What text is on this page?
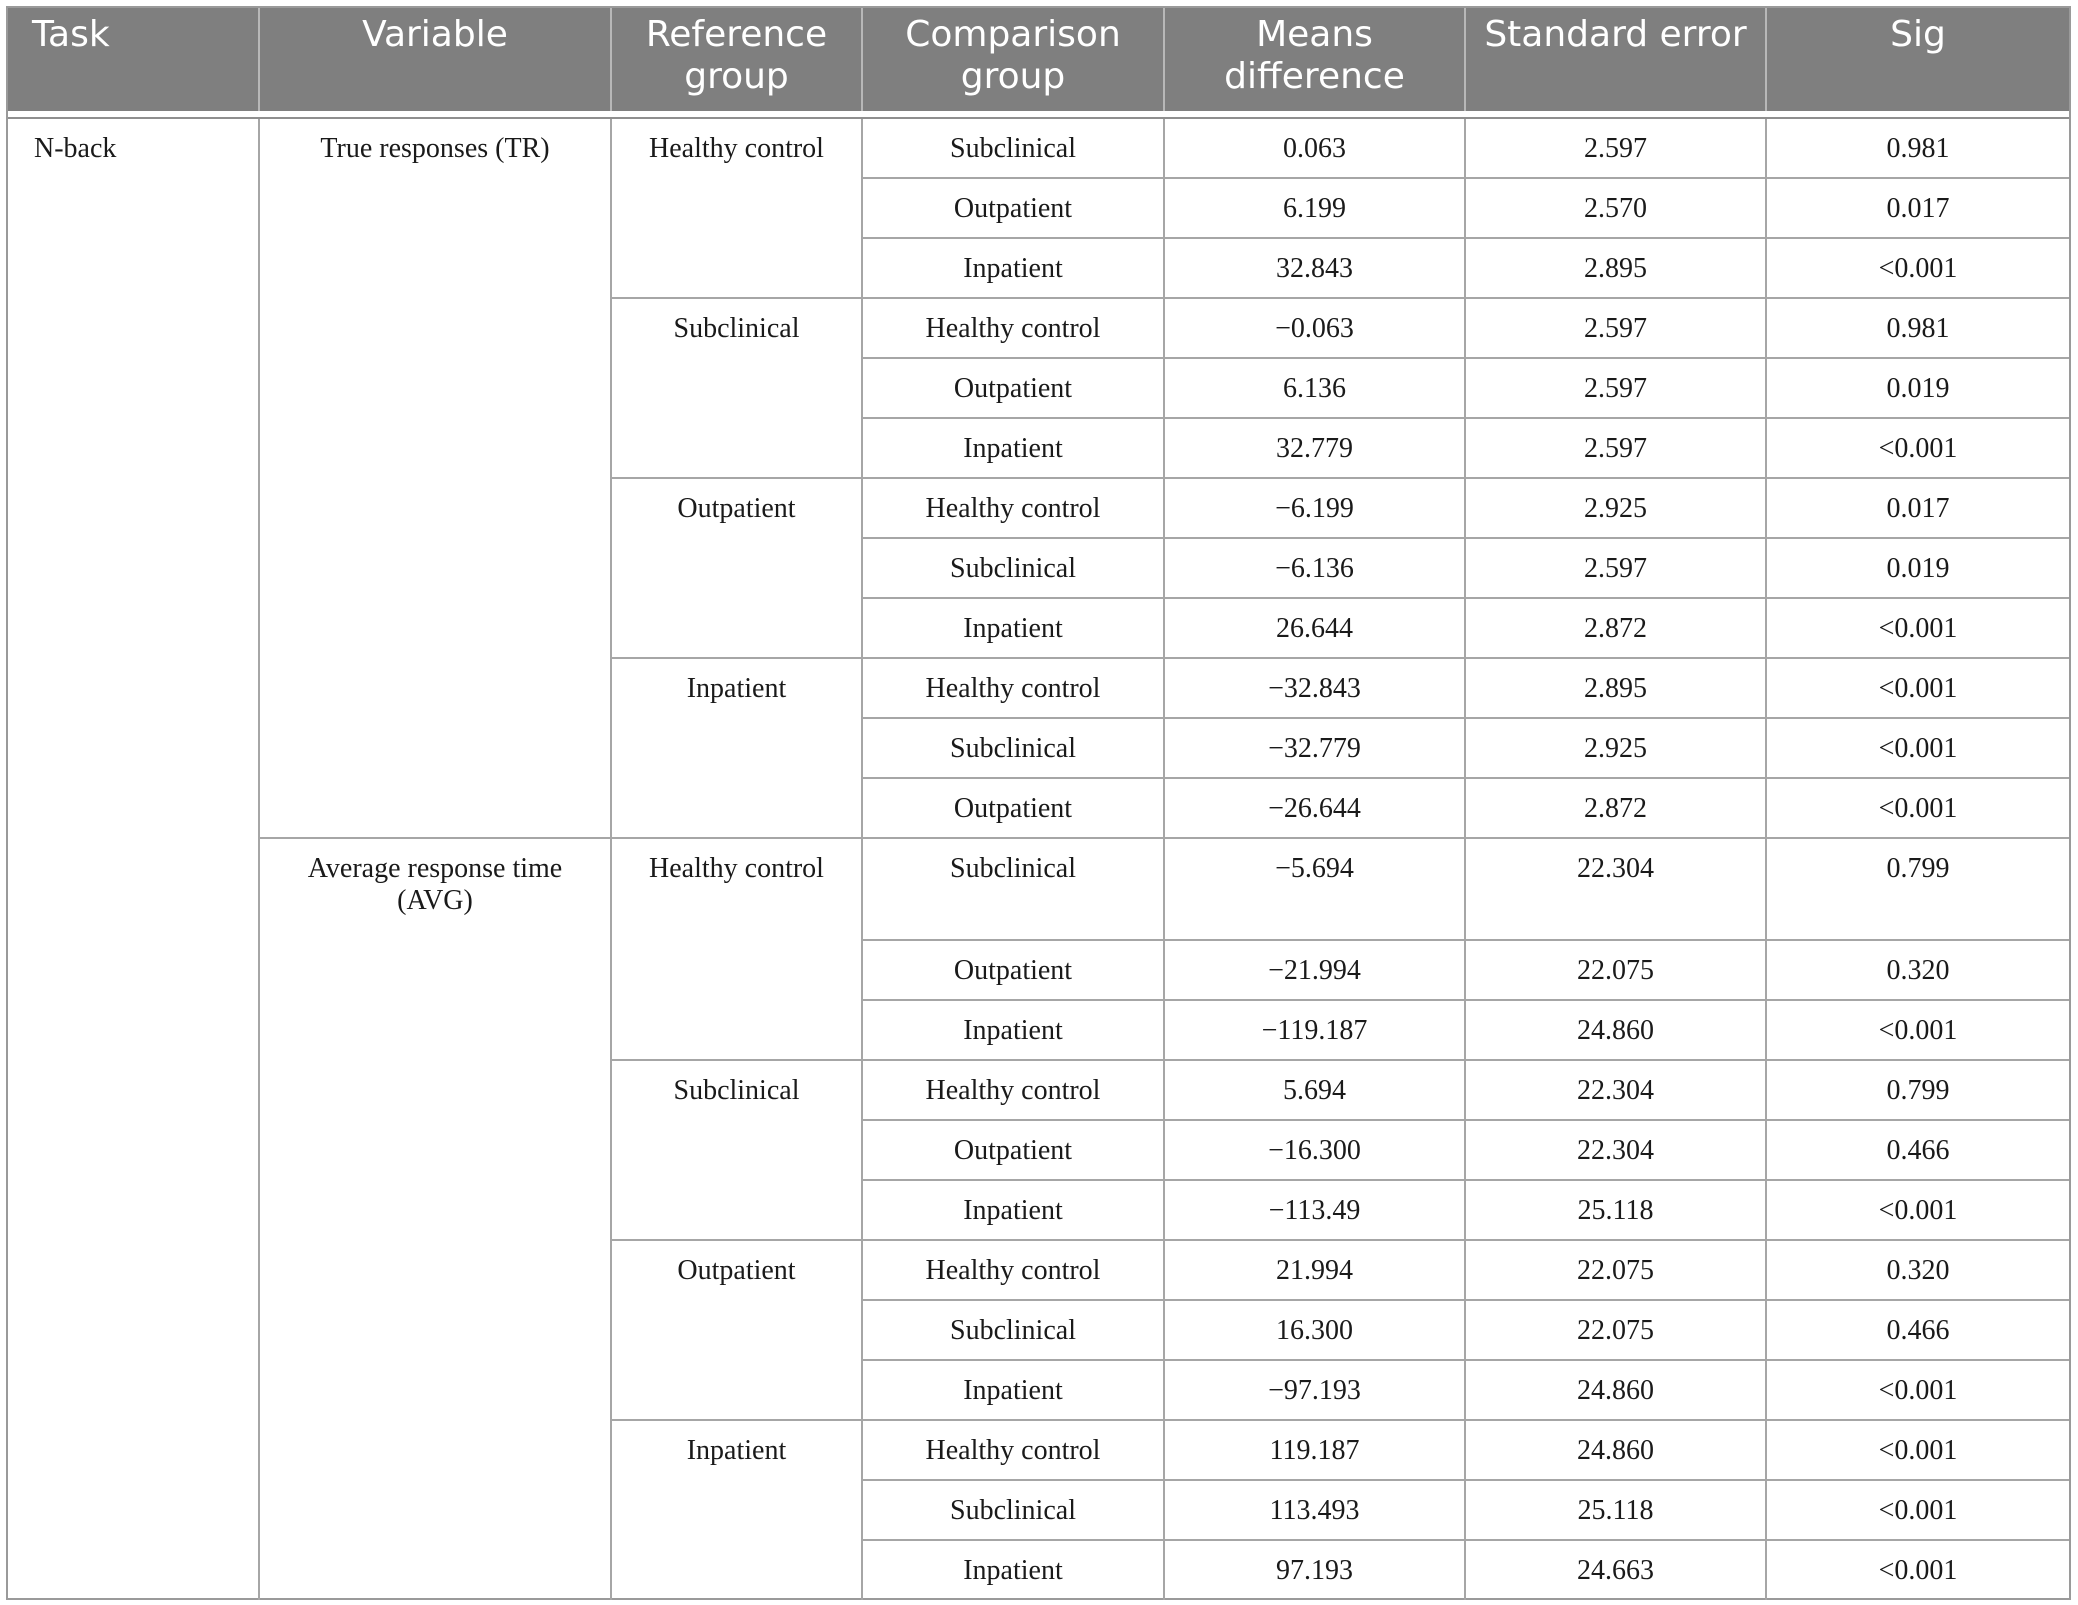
Task	Variable	Reference group	Comparison group	Means difference	Standard error	Sig

N-back	True responses (TR)	Healthy control	Subclinical	0.063	2.597	0.981
			Outpatient	6.199	2.570	0.017
			Inpatient	32.843	2.895	<0.001
		Subclinical	Healthy control	−0.063	2.597	0.981
			Outpatient	6.136	2.597	0.019
			Inpatient	32.779	2.597	<0.001
		Outpatient	Healthy control	−6.199	2.925	0.017
			Subclinical	−6.136	2.597	0.019
			Inpatient	26.644	2.872	<0.001
		Inpatient	Healthy control	−32.843	2.895	<0.001
			Subclinical	−32.779	2.925	<0.001
			Outpatient	−26.644	2.872	<0.001
	Average response time (AVG)	Healthy control	Subclinical	−5.694	22.304	0.799
			Outpatient	−21.994	22.075	0.320
			Inpatient	−119.187	24.860	<0.001
		Subclinical	Healthy control	5.694	22.304	0.799
			Outpatient	−16.300	22.304	0.466
			Inpatient	−113.49	25.118	<0.001
		Outpatient	Healthy control	21.994	22.075	0.320
			Subclinical	16.300	22.075	0.466
			Inpatient	−97.193	24.860	<0.001
		Inpatient	Healthy control	119.187	24.860	<0.001
			Subclinical	113.493	25.118	<0.001
			Inpatient	97.193	24.663	<0.001
